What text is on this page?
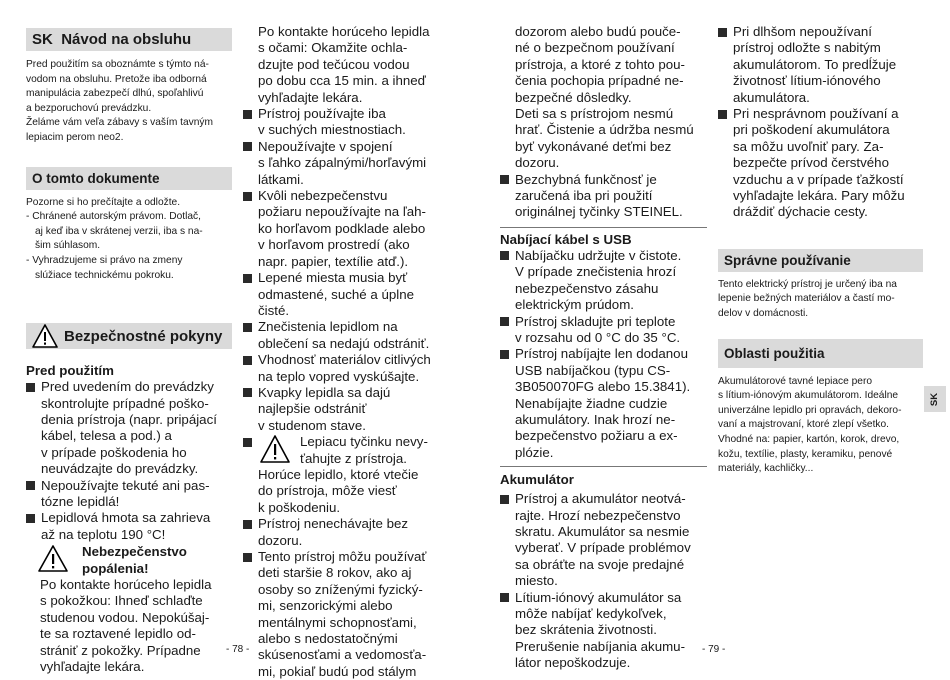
SK Návod na obsluhu

Pred použitím sa oboznámte s týmto ná-

vodom na obsluhu. Pretože iba odborná

manipulácia zabezpečí dlhú, spoľahlivú

a bezporuchovú prevádzku.

Želáme vám veľa zábavy s vaším tavným

lepiacim perom neo2.

O tomto dokumente

Pozorne si ho prečítajte a odložte.

- Chránené autorským právom. Dotlač,

aj keď iba v skrátenej verzii, iba s na-

šim súhlasom.

- Vyhradzujeme si právo na zmeny

slúžiace technickému pokroku.

Bezpečnostné pokyny

Pred použitím

Pred uvedením do prevádzky

skontrolujte prípadné poško-

denia prístroja (napr. pripájací

kábel, telesa a pod.) a

v prípade poškodenia ho

neuvádzajte do prevádzky.

Nepoužívajte tekuté ani pas-

tózne lepidlá!

Lepidlová hmota sa zahrieva

až na teplotu 190 °C!

Nebezpečenstvo

popálenia!

Po kontakte horúceho lepidla

s pokožkou: Ihneď schlaďte

studenou vodou. Nepokúšaj-

te sa roztavené lepidlo od-

strániť z pokožky. Prípadne

vyhľadajte lekára.

- 78 -

Po kontakte horúceho lepidla

s očami: Okamžite ochla-

dzujte pod tečúcou vodou

po dobu cca 15 min. a ihneď

vyhľadajte lekára.

Prístroj používajte iba

v suchých miestnostiach.

Nepoužívajte v spojení

s ľahko zápalnými/horľavými

látkami.

Kvôli nebezpečenstvu

požiaru nepoužívajte na ľah-

ko horľavom podklade alebo

v horľavom prostredí (ako

napr. papier, textílie atď.).

Lepené miesta musia byť

odmastené, suché a úplne

čisté.

Znečistenia lepidlom na

oblečení sa nedajú odstrániť.

Vhodnosť materiálov citlivých

na teplo vopred vyskúšajte.

Kvapky lepidla sa dajú

najlepšie odstrániť

v studenom stave.

Lepiacu tyčinku nevy-

ťahujte z prístroja.

Horúce lepidlo, ktoré vtečie

do prístroja, môže viesť

k poškodeniu.

Prístroj nenechávajte bez

dozoru.

Tento prístroj môžu používať

deti staršie 8 rokov, ako aj

osoby so zníženými fyzický-

mi, senzorickými alebo

mentálnymi schopnosťami,

alebo s nedostatočnými

skúsenosťami a vedomosťa-

mi, pokiaľ budú pod stálym

dozorom alebo budú pouče-

né o bezpečnom používaní

prístroja, a ktoré z tohto pou-

čenia pochopia prípadné ne-

bezpečné dôsledky.

Deti sa s prístrojom nesmú

hrať. Čistenie a údržba nesmú

byť vykonávané deťmi bez

dozoru.

Bezchybná funkčnosť je

zaručená iba pri použití

originálnej tyčinky STEINEL.

Nabíjací kábel s USB

Nabíjačku udržujte v čistote.

V prípade znečistenia hrozí

nebezpečenstvo zásahu

elektrickým prúdom.

Prístroj skladujte pri teplote

v rozsahu od 0 °C do 35 °C.

Prístroj nabíjajte len dodanou

USB nabíjačkou (typu CS-

3B050070FG alebo 15.3841).

Nenabíjajte žiadne cudzie

akumulátory. Inak hrozí ne-

bezpečenstvo požiaru a ex-

plózie.

Akumulátor

Prístroj a akumulátor neotvá-

rajte. Hrozí nebezpečenstvo

skratu. Akumulátor sa nesmie

vyberať. V prípade problémov

sa obráťte na svoje predajné

miesto.

Lítium-iónový akumulátor sa

môže nabíjať kedykoľvek,

bez skrátenia životnosti.

Prerušenie nabíjania akumu-

látor nepoškodzuje.

- 79 -

Pri dlhšom nepoužívaní

prístroj odložte s nabitým

akumulátorom. To predĺžuje

životnosť lítium-iónového

akumulátora.

Pri nesprávnom používaní a

pri poškodení akumulátora

sa môžu uvoľniť pary. Za-

bezpečte prívod čerstvého

vzduchu a v prípade ťažkostí

vyhľadajte lekára. Pary môžu

dráždiť dýchacie cesty.

Správne používanie

Tento elektrický prístroj je určený iba na

lepenie bežných materiálov a častí mo-

delov v domácnosti.

Oblasti použitia

Akumulátorové tavné lepiace pero

s lítium-iónovým akumulátorom. Ideálne

univerzálne lepidlo pri opravách, dekoro-

vaní a majstrovaní, ktoré zlepí všetko.

Vhodné na: papier, kartón, korok, drevo,

kožu, textílie, plasty, keramiku, penové

materiály, kachličky...

SK
